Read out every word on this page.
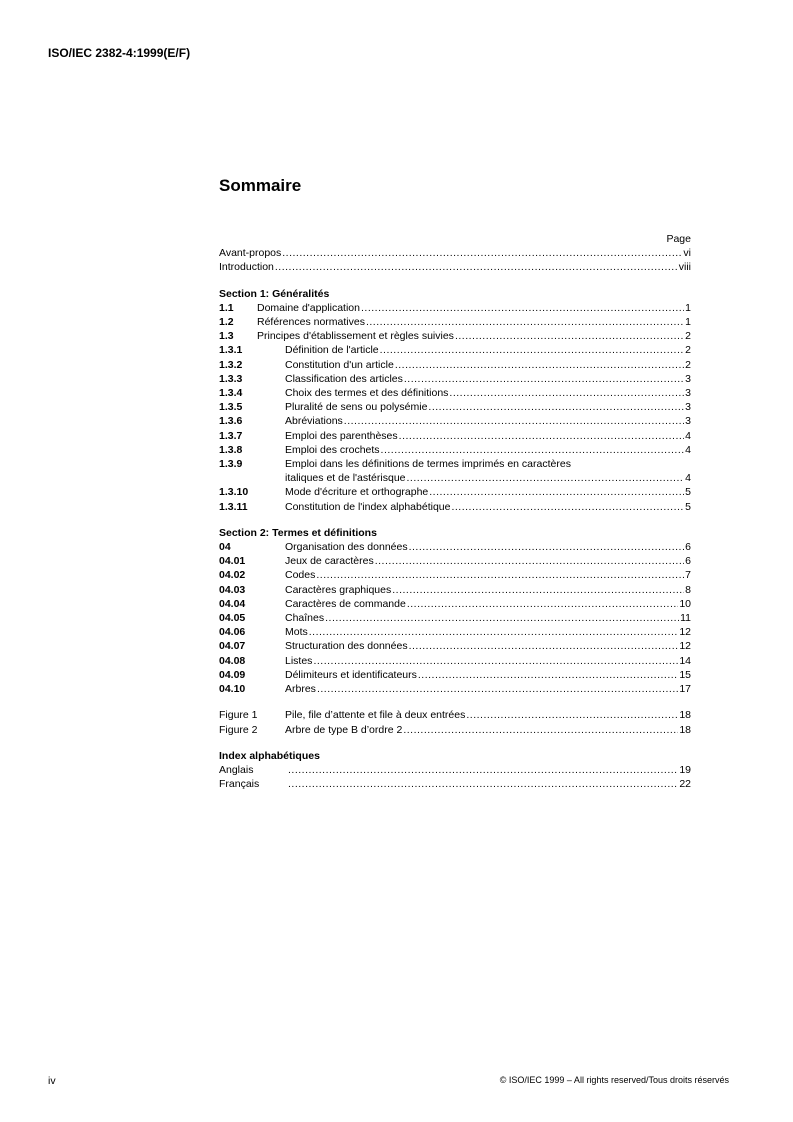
ISO/IEC 2382-4:1999(E/F)
Sommaire
Page
Avant-propos .....	vi
Introduction .....	viii
Section 1: Généralités
1.1	Domaine d'application .....	1
1.2	Références normatives .....	1
1.3	Principes d'établissement et règles suivies .....	2
1.3.1	Définition de l'article .....	2
1.3.2	Constitution d'un article .....	2
1.3.3	Classification des articles .....	3
1.3.4	Choix des termes et des définitions .....	3
1.3.5	Pluralité de sens ou polysémie .....	3
1.3.6	Abréviations .....	3
1.3.7	Emploi des parenthèses .....	4
1.3.8	Emploi des crochets .....	4
1.3.9	Emploi dans les définitions de termes imprimés en caractères
italiques et de l'astérisque .....	4
1.3.10	Mode d'écriture et orthographe .....	5
1.3.11	Constitution de l'index alphabétique .....	5
Section 2: Termes et définitions
04	Organisation des données .....	6
04.01	Jeux de caractères .....	6
04.02	Codes .....	7
04.03	Caractères graphiques .....	8
04.04	Caractères de commande .....	10
04.05	Chaînes .....	11
04.06	Mots .....	12
04.07	Structuration des données .....	12
04.08	Listes .....	14
04.09	Délimiteurs et identificateurs .....	15
04.10	Arbres .....	17
Figure 1	Pile, file d’attente et file à deux entrées .....	18
Figure 2	Arbre de type B d’ordre 2 .....	18
Index alphabétiques
Anglais .....	19
Français .....	22
iv	© ISO/IEC 1999 – All rights reserved/Tous droits réservés
